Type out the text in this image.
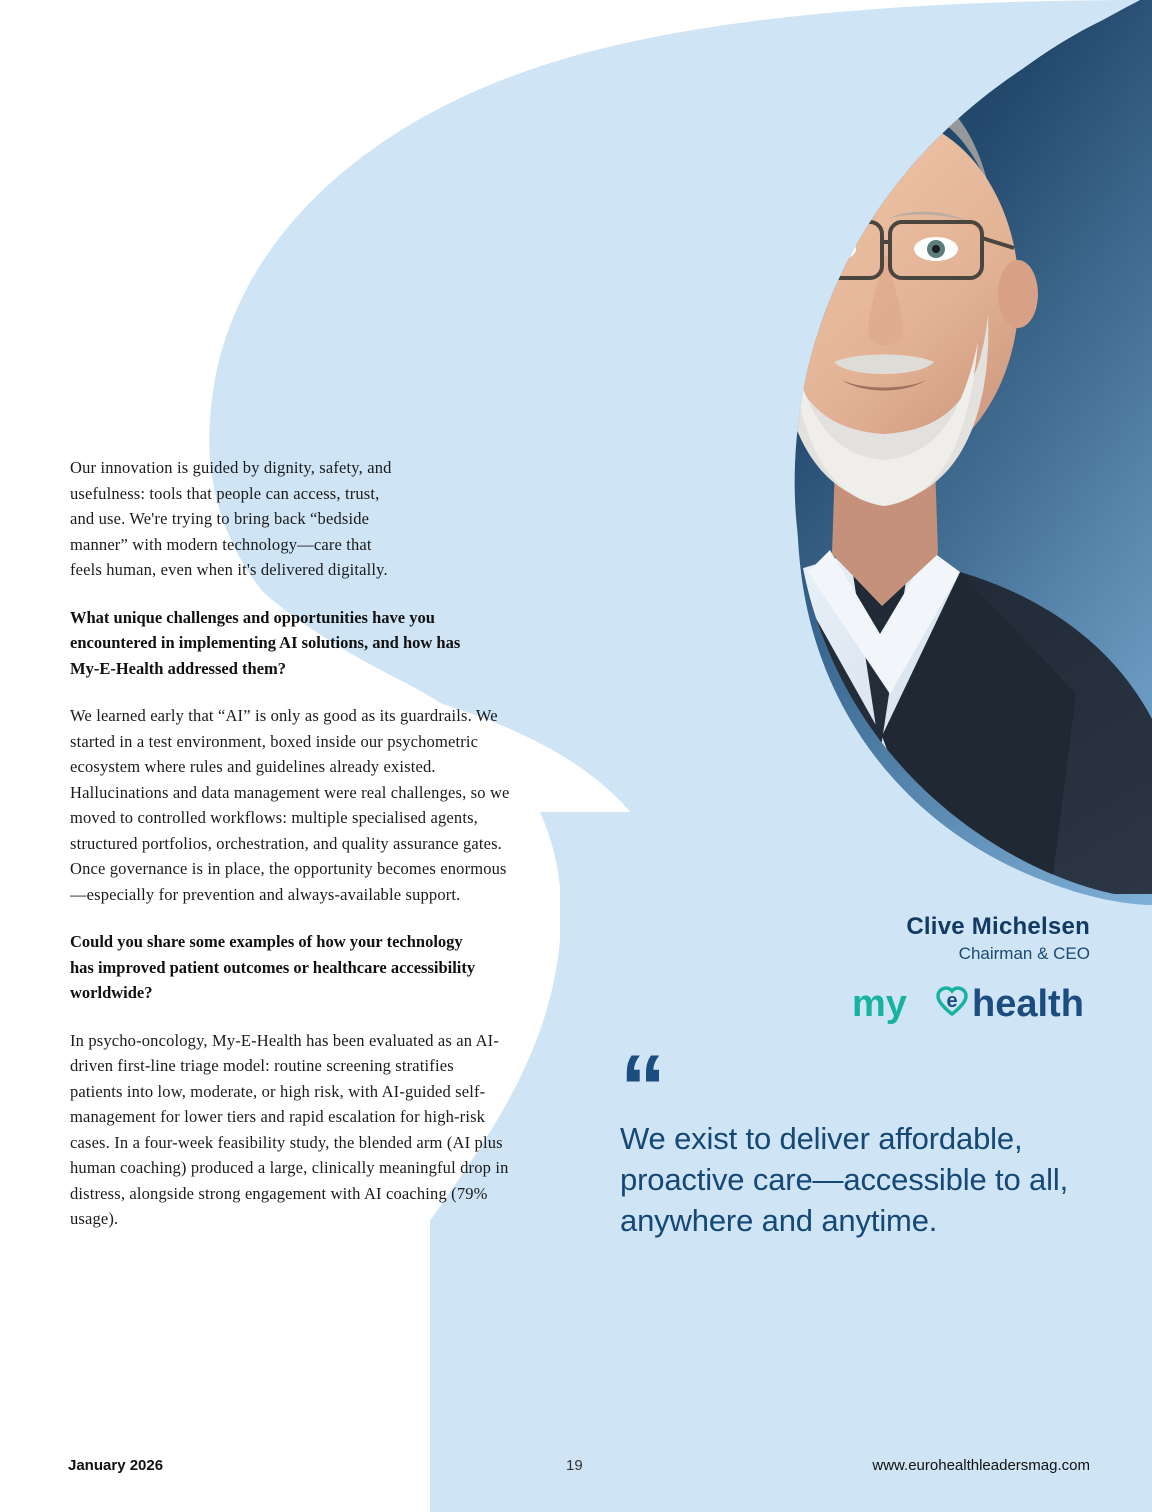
Our innovation is guided by dignity, safety, and usefulness: tools that people can access, trust, and use. We're trying to bring back “bedside manner” with modern technology—care that feels human, even when it's delivered digitally.

What unique challenges and opportunities have you encountered in implementing AI solutions, and how has My-E-Health addressed them?

We learned early that “AI” is only as good as its guardrails. We started in a test environment, boxed inside our psychometric ecosystem where rules and guidelines already existed. Hallucinations and data management were real challenges, so we moved to controlled workflows: multiple specialised agents, structured portfolios, orchestration, and quality assurance gates. Once governance is in place, the opportunity becomes enormous—especially for prevention and always-available support.

Could you share some examples of how your technology has improved patient outcomes or healthcare accessibility worldwide?

In psycho-oncology, My-E-Health has been evaluated as an AI-driven first-line triage model: routine screening stratifies patients into low, moderate, or high risk, with AI-guided self-management for lower tiers and rapid escalation for high-risk cases. In a four-week feasibility study, the blended arm (AI plus human coaching) produced a large, clinically meaningful drop in distress, alongside strong engagement with AI coaching (79% usage).

Clive Michelsen
Chairman & CEO
my e health
“
We exist to deliver affordable, proactive care—accessible to all, anywhere and anytime.
January 2026	19	www.eurohealthleadersmag.com
